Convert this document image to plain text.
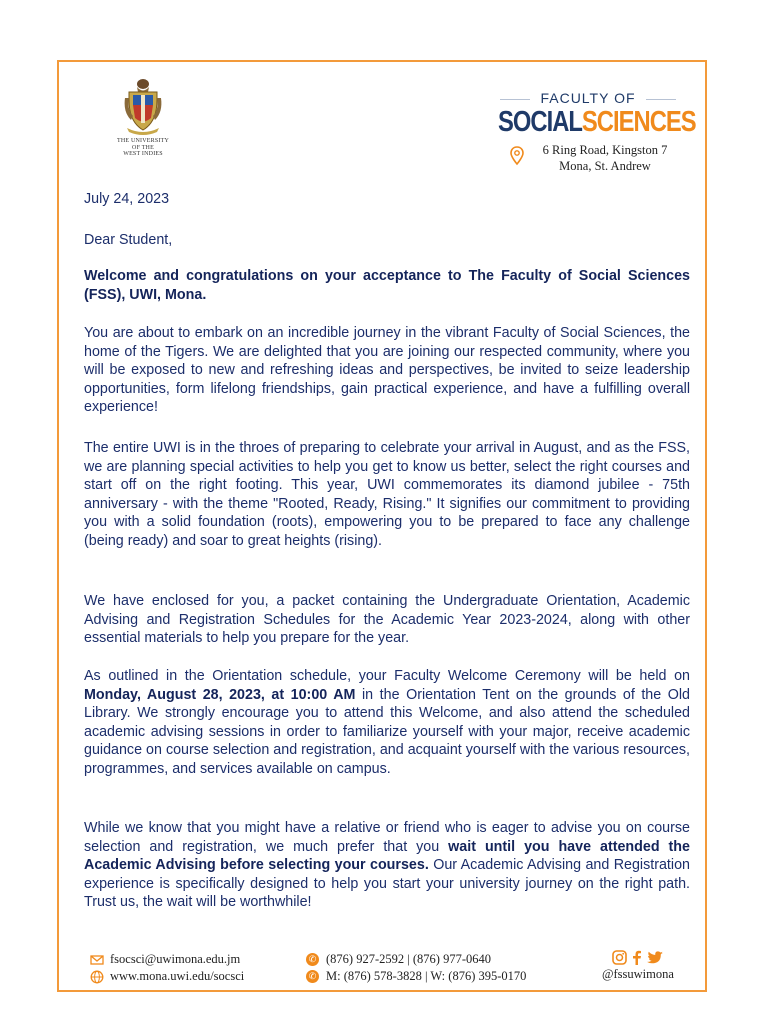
THE UNIVERSITY
OF THE
WEST INDIES
FACULTY OF
SOCIALSCIENCES
6 Ring Road, Kingston 7
Mona, St. Andrew
July 24, 2023
Dear Student,

Welcome and congratulations on your acceptance to The Faculty of Social Sciences (FSS), UWI, Mona.

You are about to embark on an incredible journey in the vibrant Faculty of Social Sciences, the home of the Tigers. We are delighted that you are joining our respected community, where you will be exposed to new and refreshing ideas and perspectives, be invited to seize leadership opportunities, form lifelong friendships, gain practical experience, and have a fulfilling overall experience!

The entire UWI is in the throes of preparing to celebrate your arrival in August, and as the FSS, we are planning special activities to help you get to know us better, select the right courses and start off on the right footing. This year, UWI commemorates its diamond jubilee - 75th anniversary - with the theme "Rooted, Ready, Rising." It signifies our commitment to providing you with a solid foundation (roots), empowering you to be prepared to face any challenge (being ready) and soar to great heights (rising).

We have enclosed for you, a packet containing the Undergraduate Orientation, Academic Advising and Registration Schedules for the Academic Year 2023-2024, along with other essential materials to help you prepare for the year.

As outlined in the Orientation schedule, your Faculty Welcome Ceremony will be held on Monday, August 28, 2023, at 10:00 AM in the Orientation Tent on the grounds of the Old Library. We strongly encourage you to attend this Welcome, and also attend the scheduled academic advising sessions in order to familiarize yourself with your major, receive academic guidance on course selection and registration, and acquaint yourself with the various resources, programmes, and services available on campus.

While we know that you might have a relative or friend who is eager to advise you on course selection and registration, we much prefer that you wait until you have attended the Academic Advising before selecting your courses. Our Academic Advising and Registration experience is specifically designed to help you start your university journey on the right path. Trust us, the wait will be worthwhile!

fsocsci@uwimona.edu.jm
www.mona.uwi.edu/socsci
✆ (876) 927-2592 | (876) 977-0640
✆ M: (876) 578-3828 | W: (876) 395-0170	@fssuwimona
